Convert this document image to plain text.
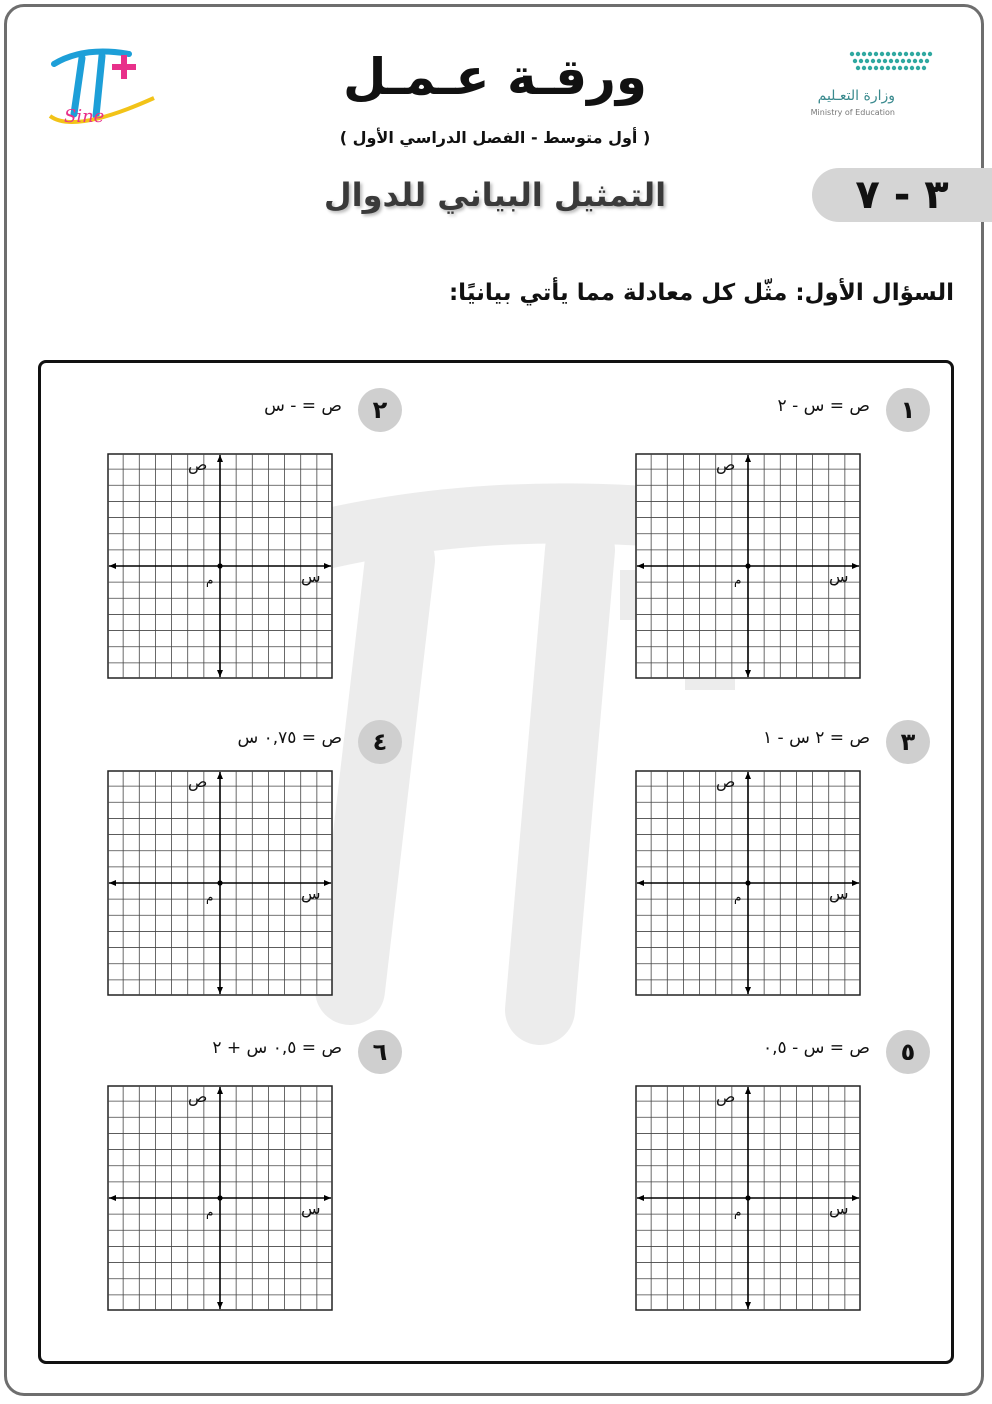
Sine
وزارة التعـليم
Ministry of Education
ورقـة عـمـل
( أول متوسط - الفصل الدراسي الأول )
التمثيل البياني للدوال	٣ - ٧
السؤال الأول: مثّل كل معادلة مما يأتي بيانيًا:
١
ص = س - ٢
ص
س
م
٢
ص = - س
ص
س
م
٣
ص = ٢ س - ١
ص
س
م
٤
ص = ٠,٧٥ س
ص
س
م
٥
ص = س - ٠,٥
ص
س
م
٦
ص = ٠,٥ س + ٢
ص
س
م
